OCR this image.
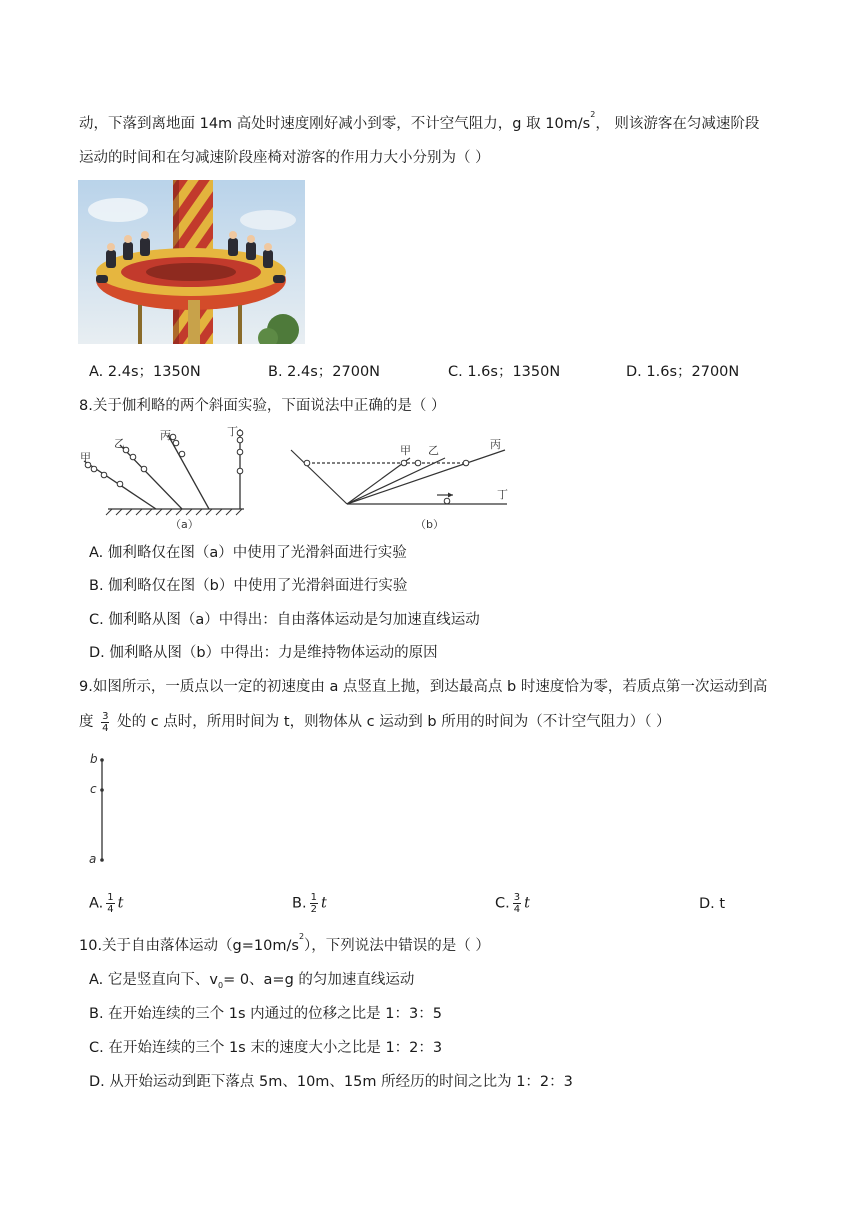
动，下落到离地面 14m 高处时速度刚好减小到零，不计空气阻力，g 取 $10m/s^2$， 则该游客在匀减速阶段
运动的时间和在匀减速阶段座椅对游客的作用力大小分别为（ ）
A. 2.4s；1350N	B. 2.4s；2700N	C. 1.6s；1350N	D. 1.6s；2700N
8.关于伽利略的两个斜面实验，下面说法中正确的是（ ）
甲
乙
丙	丁
（a）
甲 乙	丙
丁
（b）
A. 伽利略仅在图（a）中使用了光滑斜面进行实验
B. 伽利略仅在图（b）中使用了光滑斜面进行实验
C. 伽利略从图（a）中得出：自由落体运动是匀加速直线运动
D. 伽利略从图（b）中得出：力是维持物体运动的原因
9.如图所示，一质点以一定的初速度由 a 点竖直上抛，到达最高点 b 时速度恰为零，若质点第一次运动到高
度 $\frac{3}{4}$ 处的 c 点时，所用时间为 t，则物体从 c 运动到 b 所用的时间为（不计空气阻力）（ ）
b
c
a
A. $\frac{1}{4}$ t	B. $\frac{1}{2}$ t	C. $\frac{3}{4}$ t	D. t
10.关于自由落体运动$(g=10m/s^2)$，下列说法中错误的是（ ）
A. 它是竖直向下、$v_0= 0$、a=g 的匀加速直线运动
B. 在开始连续的三个 1s 内通过的位移之比是 1：3：5
C. 在开始连续的三个 1s 末的速度大小之比是 1：2：3
D. 从开始运动到距下落点 5m、10m、15m 所经历的时间之比为 1：2：3
